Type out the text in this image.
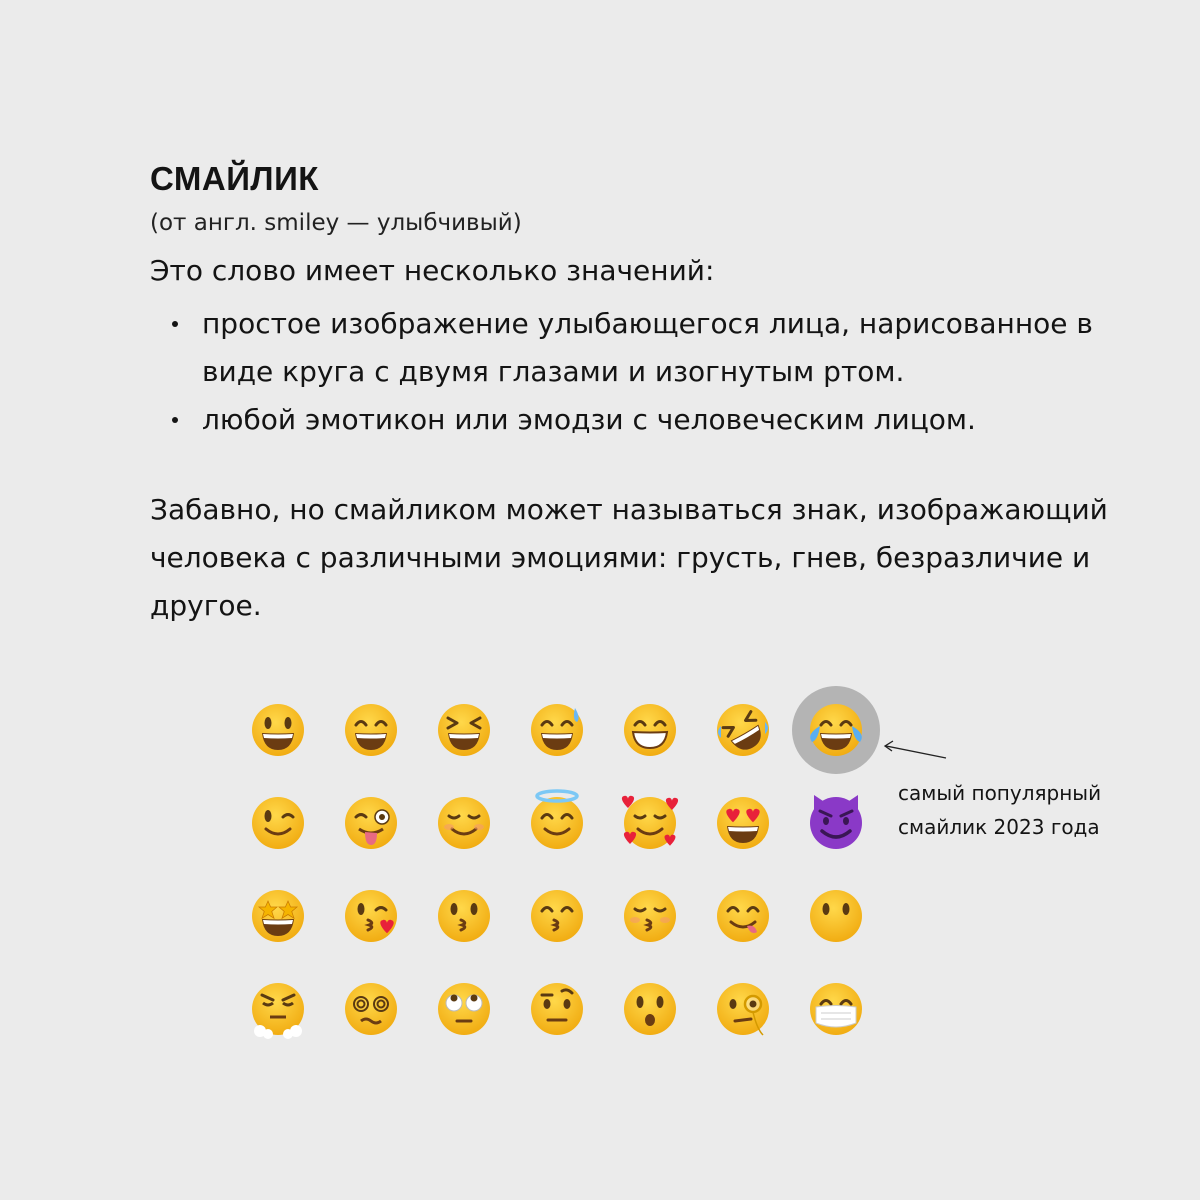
СМАЙЛИК
(от англ. smiley — улыбчивый)
Это слово имеет несколько значений:
простое изображение улыбающегося лица, нарисованное в виде круга с двумя глазами и изогнутым ртом.
любой эмотикон или эмодзи с человеческим лицом.
Забавно, но смайликом может называться знак, изображающий человека с различными эмоциями: грусть, гнев, безразличие и другое.
самый популярный
смайлик 2023 года
